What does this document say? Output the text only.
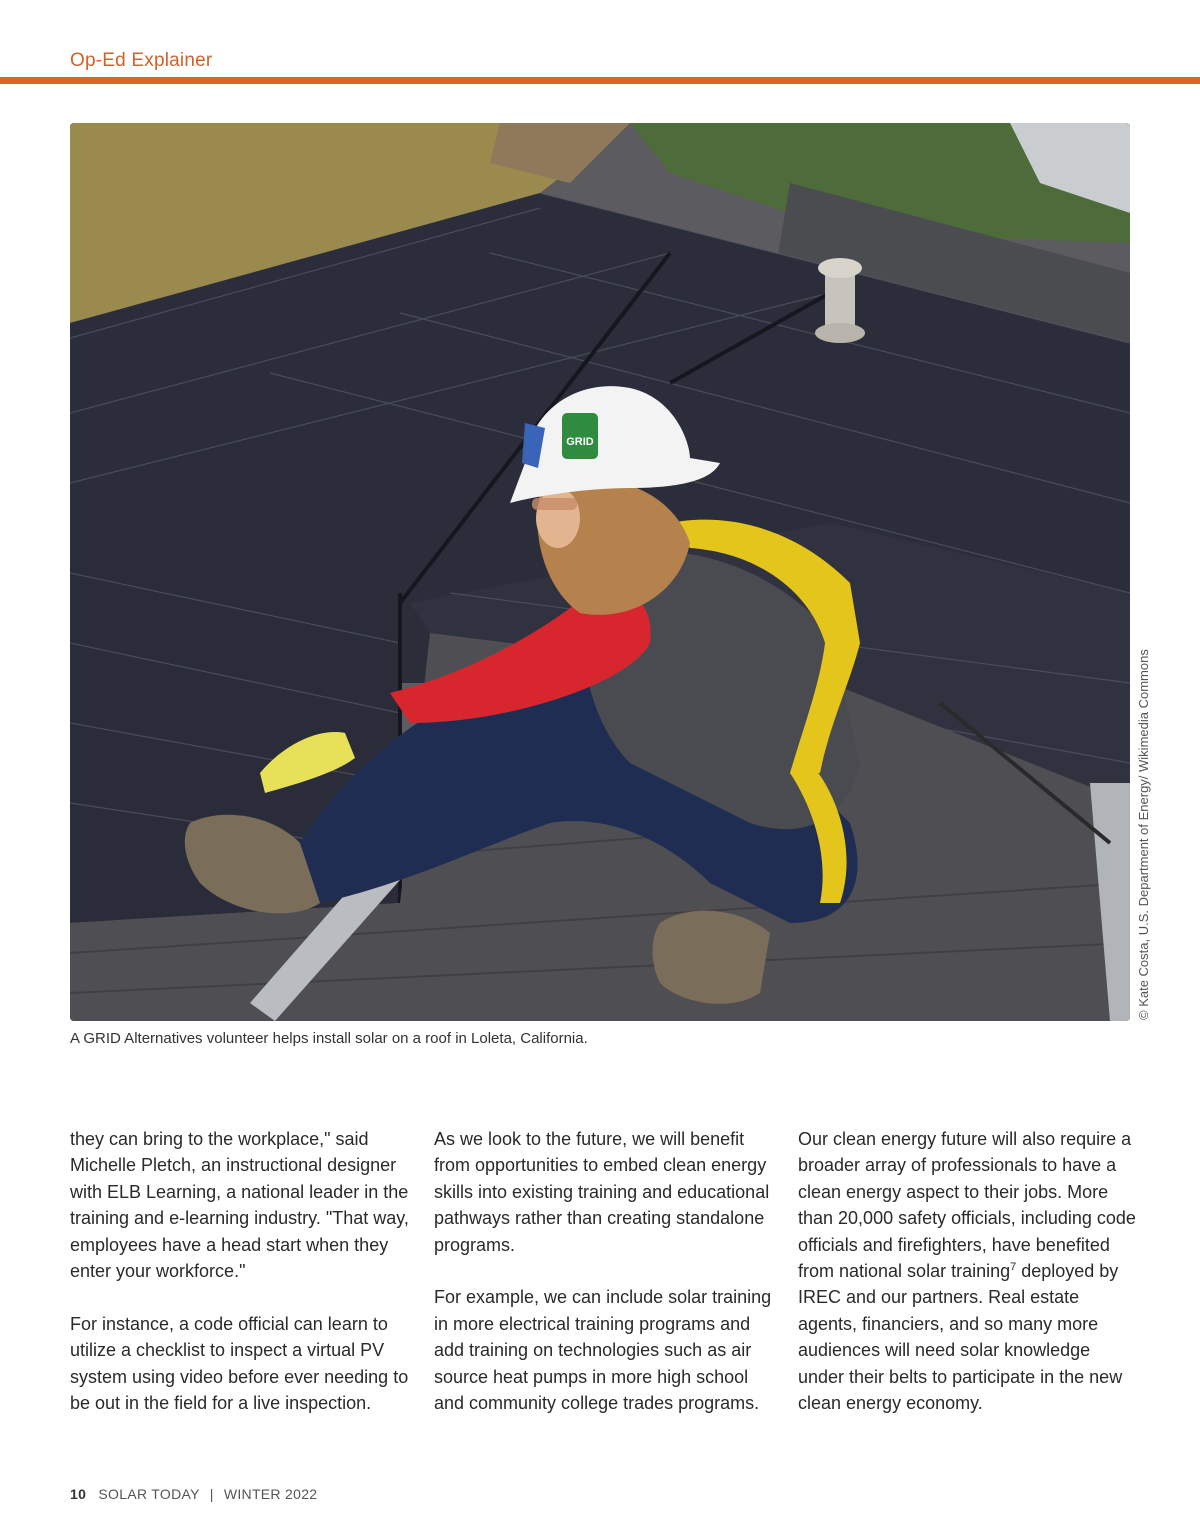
Op-Ed Explainer
GRID
© Kate Costa, U.S. Department of Energy/ Wikimedia Commons
A GRID Alternatives volunteer helps install solar on a roof in Loleta, California.

they can bring to the workplace," said Michelle Pletch, an instructional designer with ELB Learning, a national leader in the training and e-learning industry. "That way, employees have a head start when they enter your workforce."

For instance, a code official can learn to utilize a checklist to inspect a virtual PV system using video before ever needing to be out in the field for a live inspection.

As we look to the future, we will benefit from opportunities to embed clean energy skills into existing training and educational pathways rather than creating standalone programs.

For example, we can include solar training in more electrical training programs and add training on technologies such as air source heat pumps in more high school and community college trades programs.

Our clean energy future will also require a broader array of professionals to have a clean energy aspect to their jobs. More than 20,000 safety officials, including code officials and firefighters, have benefited from national solar training$^7$ deployed by IREC and our partners. Real estate agents, financiers, and so many more audiences will need solar knowledge under their belts to participate in the new clean energy economy.

10 SOLAR TODAY | WINTER 2022
